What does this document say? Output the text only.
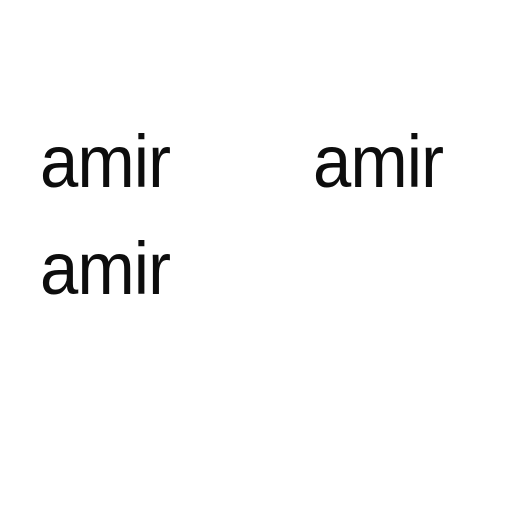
amir amir
amir
